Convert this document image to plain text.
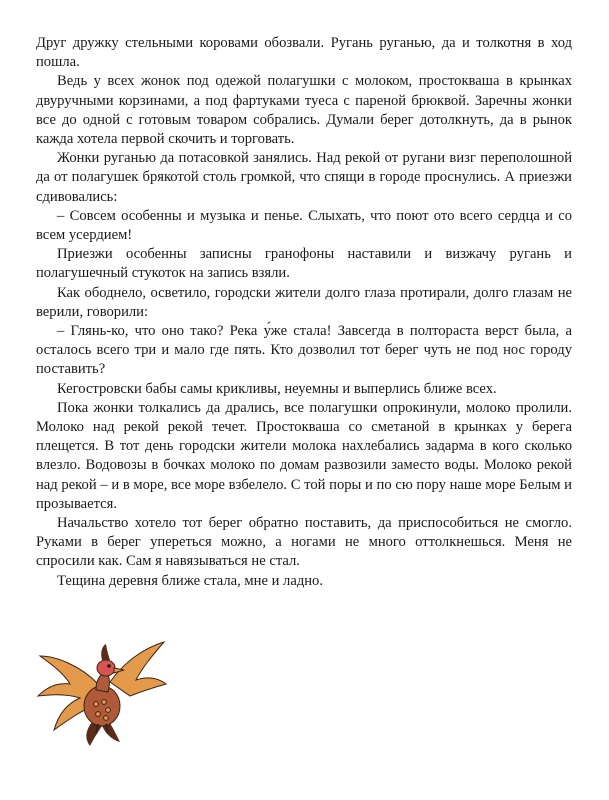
Друг дружку стельными коровами обозвали. Ругань руганью, да и толкотня в ход пошла.

Ведь у всех жонок под одежой полагушки с молоком, простокваша в крынках двуручными корзинами, а под фартуками туеса с пареной брюквой. Заречны жонки все до одной с готовым товаром собрались. Думали берег дотолкнуть, да в рынок каждa хотела первой скочить и торговать.

Жонки руганью да потасовкой занялись. Над рекой от ругани визг переполошной да от полагушек брякотой столь громкой, что спящи в городе проснулись. А приезжи сдивовались:

– Совсем особенны и музыка и пенье. Слыхать, что поют ото всего сердца и со всем усердием!

Приезжи особенны записны гранофоны наставили и визжачу ругань и полагушечный стукоток на запись взяли.

Как ободнело, осветило, городски жители долго глаза протирали, долго глазам не верили, говорили:

– Глянь-ко, что оно тако? Река у́же стала! Завсегда в полтораста верст была, а осталось всего три и мало где пять. Кто дозволил тот берег чуть не под нос городу поставить?

Кегостровски бабы самы крикливы, неуемны и выперлись ближе всех.

Пока жонки толкались да дрались, все полагушки опрокинули, молоко пролили. Молоко над рекой рекой течет. Простокваша со сметаной в крынках у берега плещется. В тот день городски жители молока нахлебались задарма в кого сколько влезло. Водовозы в бочках молоко по домам развозили заместо воды. Молоко рекой над рекой – и в море, все море взбелело. С той поры и по сю пору наше море Белым и прозывается.

Начальство хотело тот берег обратно поставить, да приспособиться не смогло. Руками в берег упереться можно, а ногами не много оттолкнешься. Меня не спросили как. Сам я навязываться не стал.

Тещина деревня ближе стала, мне и ладно.
